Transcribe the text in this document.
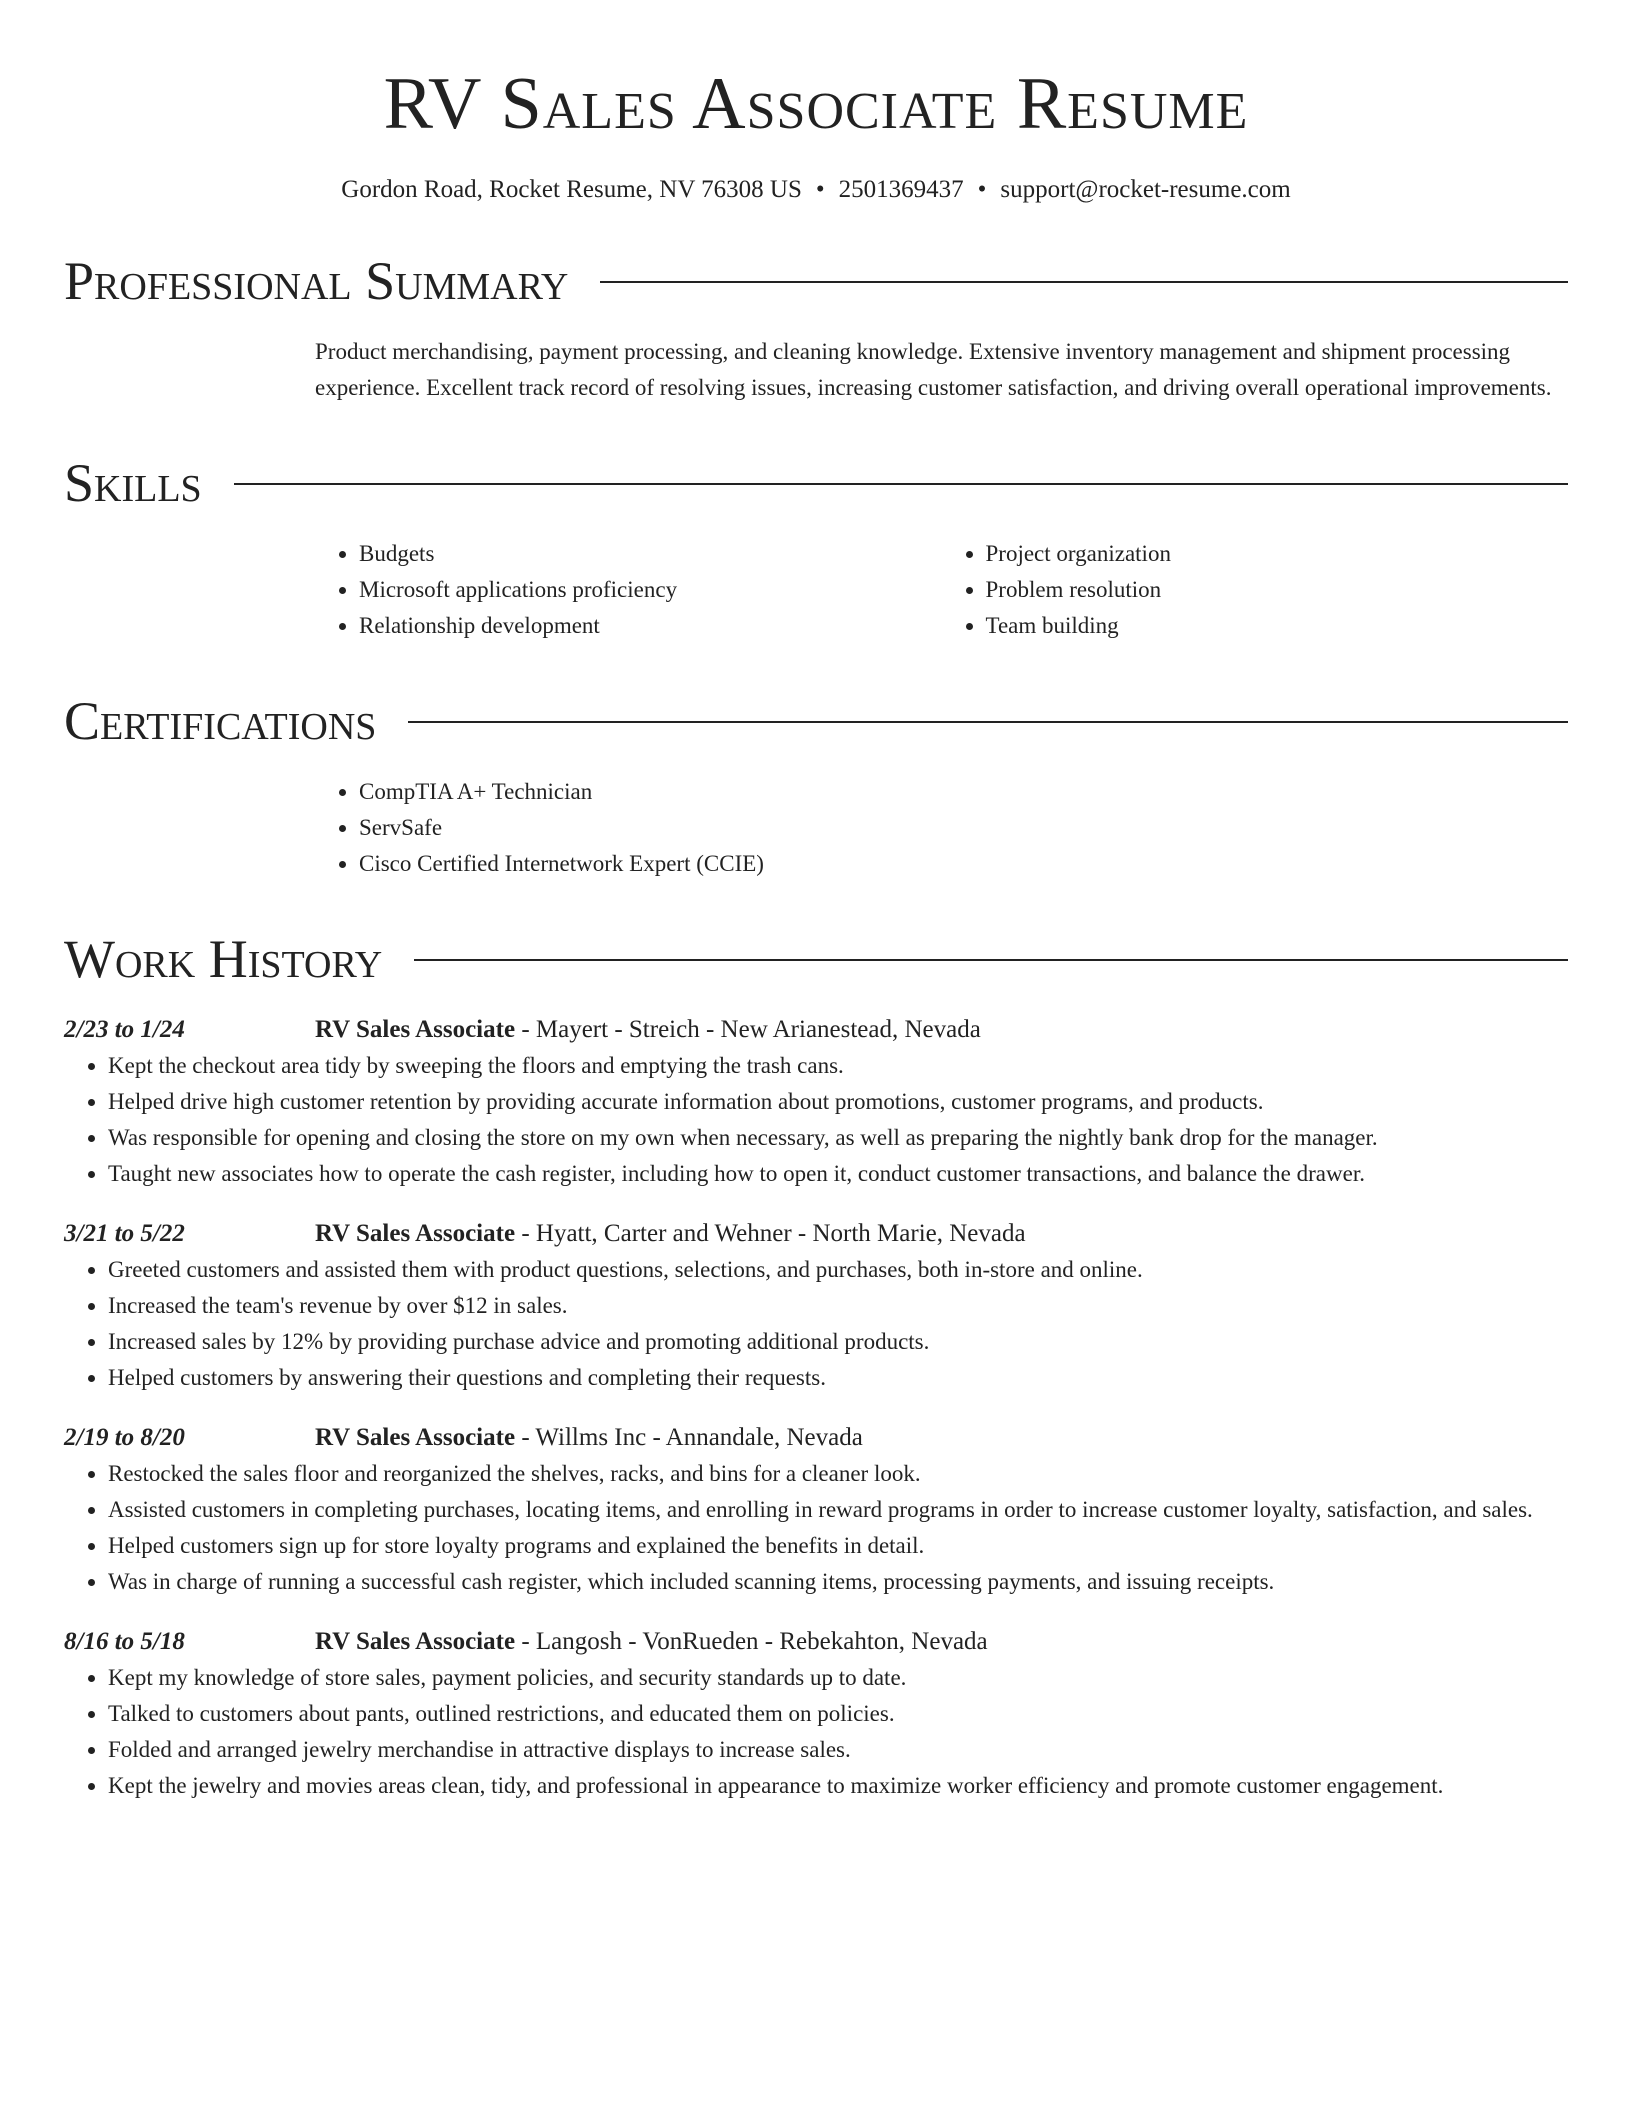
RV Sales Associate Resume
Gordon Road, Rocket Resume, NV 76308 US • 2501369437 • support@rocket-resume.com
Professional Summary
Product merchandising, payment processing, and cleaning knowledge. Extensive inventory management and shipment processing experience. Excellent track record of resolving issues, increasing customer satisfaction, and driving overall operational improvements.
Skills
• Budgets
• Microsoft applications proficiency
• Relationship development
• Project organization
• Problem resolution
• Team building
Certifications
• CompTIA A+ Technician
• ServSafe
• Cisco Certified Internetwork Expert (CCIE)
Work History
2/23 to 1/24	RV Sales Associate - Mayert - Streich - New Arianestead, Nevada
• Kept the checkout area tidy by sweeping the floors and emptying the trash cans.
• Helped drive high customer retention by providing accurate information about promotions, customer programs, and products.
• Was responsible for opening and closing the store on my own when necessary, as well as preparing the nightly bank drop for the manager.
• Taught new associates how to operate the cash register, including how to open it, conduct customer transactions, and balance the drawer.
3/21 to 5/22	RV Sales Associate - Hyatt, Carter and Wehner - North Marie, Nevada
• Greeted customers and assisted them with product questions, selections, and purchases, both in-store and online.
• Increased the team's revenue by over $12 in sales.
• Increased sales by 12% by providing purchase advice and promoting additional products.
• Helped customers by answering their questions and completing their requests.
2/19 to 8/20	RV Sales Associate - Willms Inc - Annandale, Nevada
• Restocked the sales floor and reorganized the shelves, racks, and bins for a cleaner look.
• Assisted customers in completing purchases, locating items, and enrolling in reward programs in order to increase customer loyalty, satisfaction, and sales.
• Helped customers sign up for store loyalty programs and explained the benefits in detail.
• Was in charge of running a successful cash register, which included scanning items, processing payments, and issuing receipts.
8/16 to 5/18	RV Sales Associate - Langosh - VonRueden - Rebekahton, Nevada
• Kept my knowledge of store sales, payment policies, and security standards up to date.
• Talked to customers about pants, outlined restrictions, and educated them on policies.
• Folded and arranged jewelry merchandise in attractive displays to increase sales.
• Kept the jewelry and movies areas clean, tidy, and professional in appearance to maximize worker efficiency and promote customer engagement.
